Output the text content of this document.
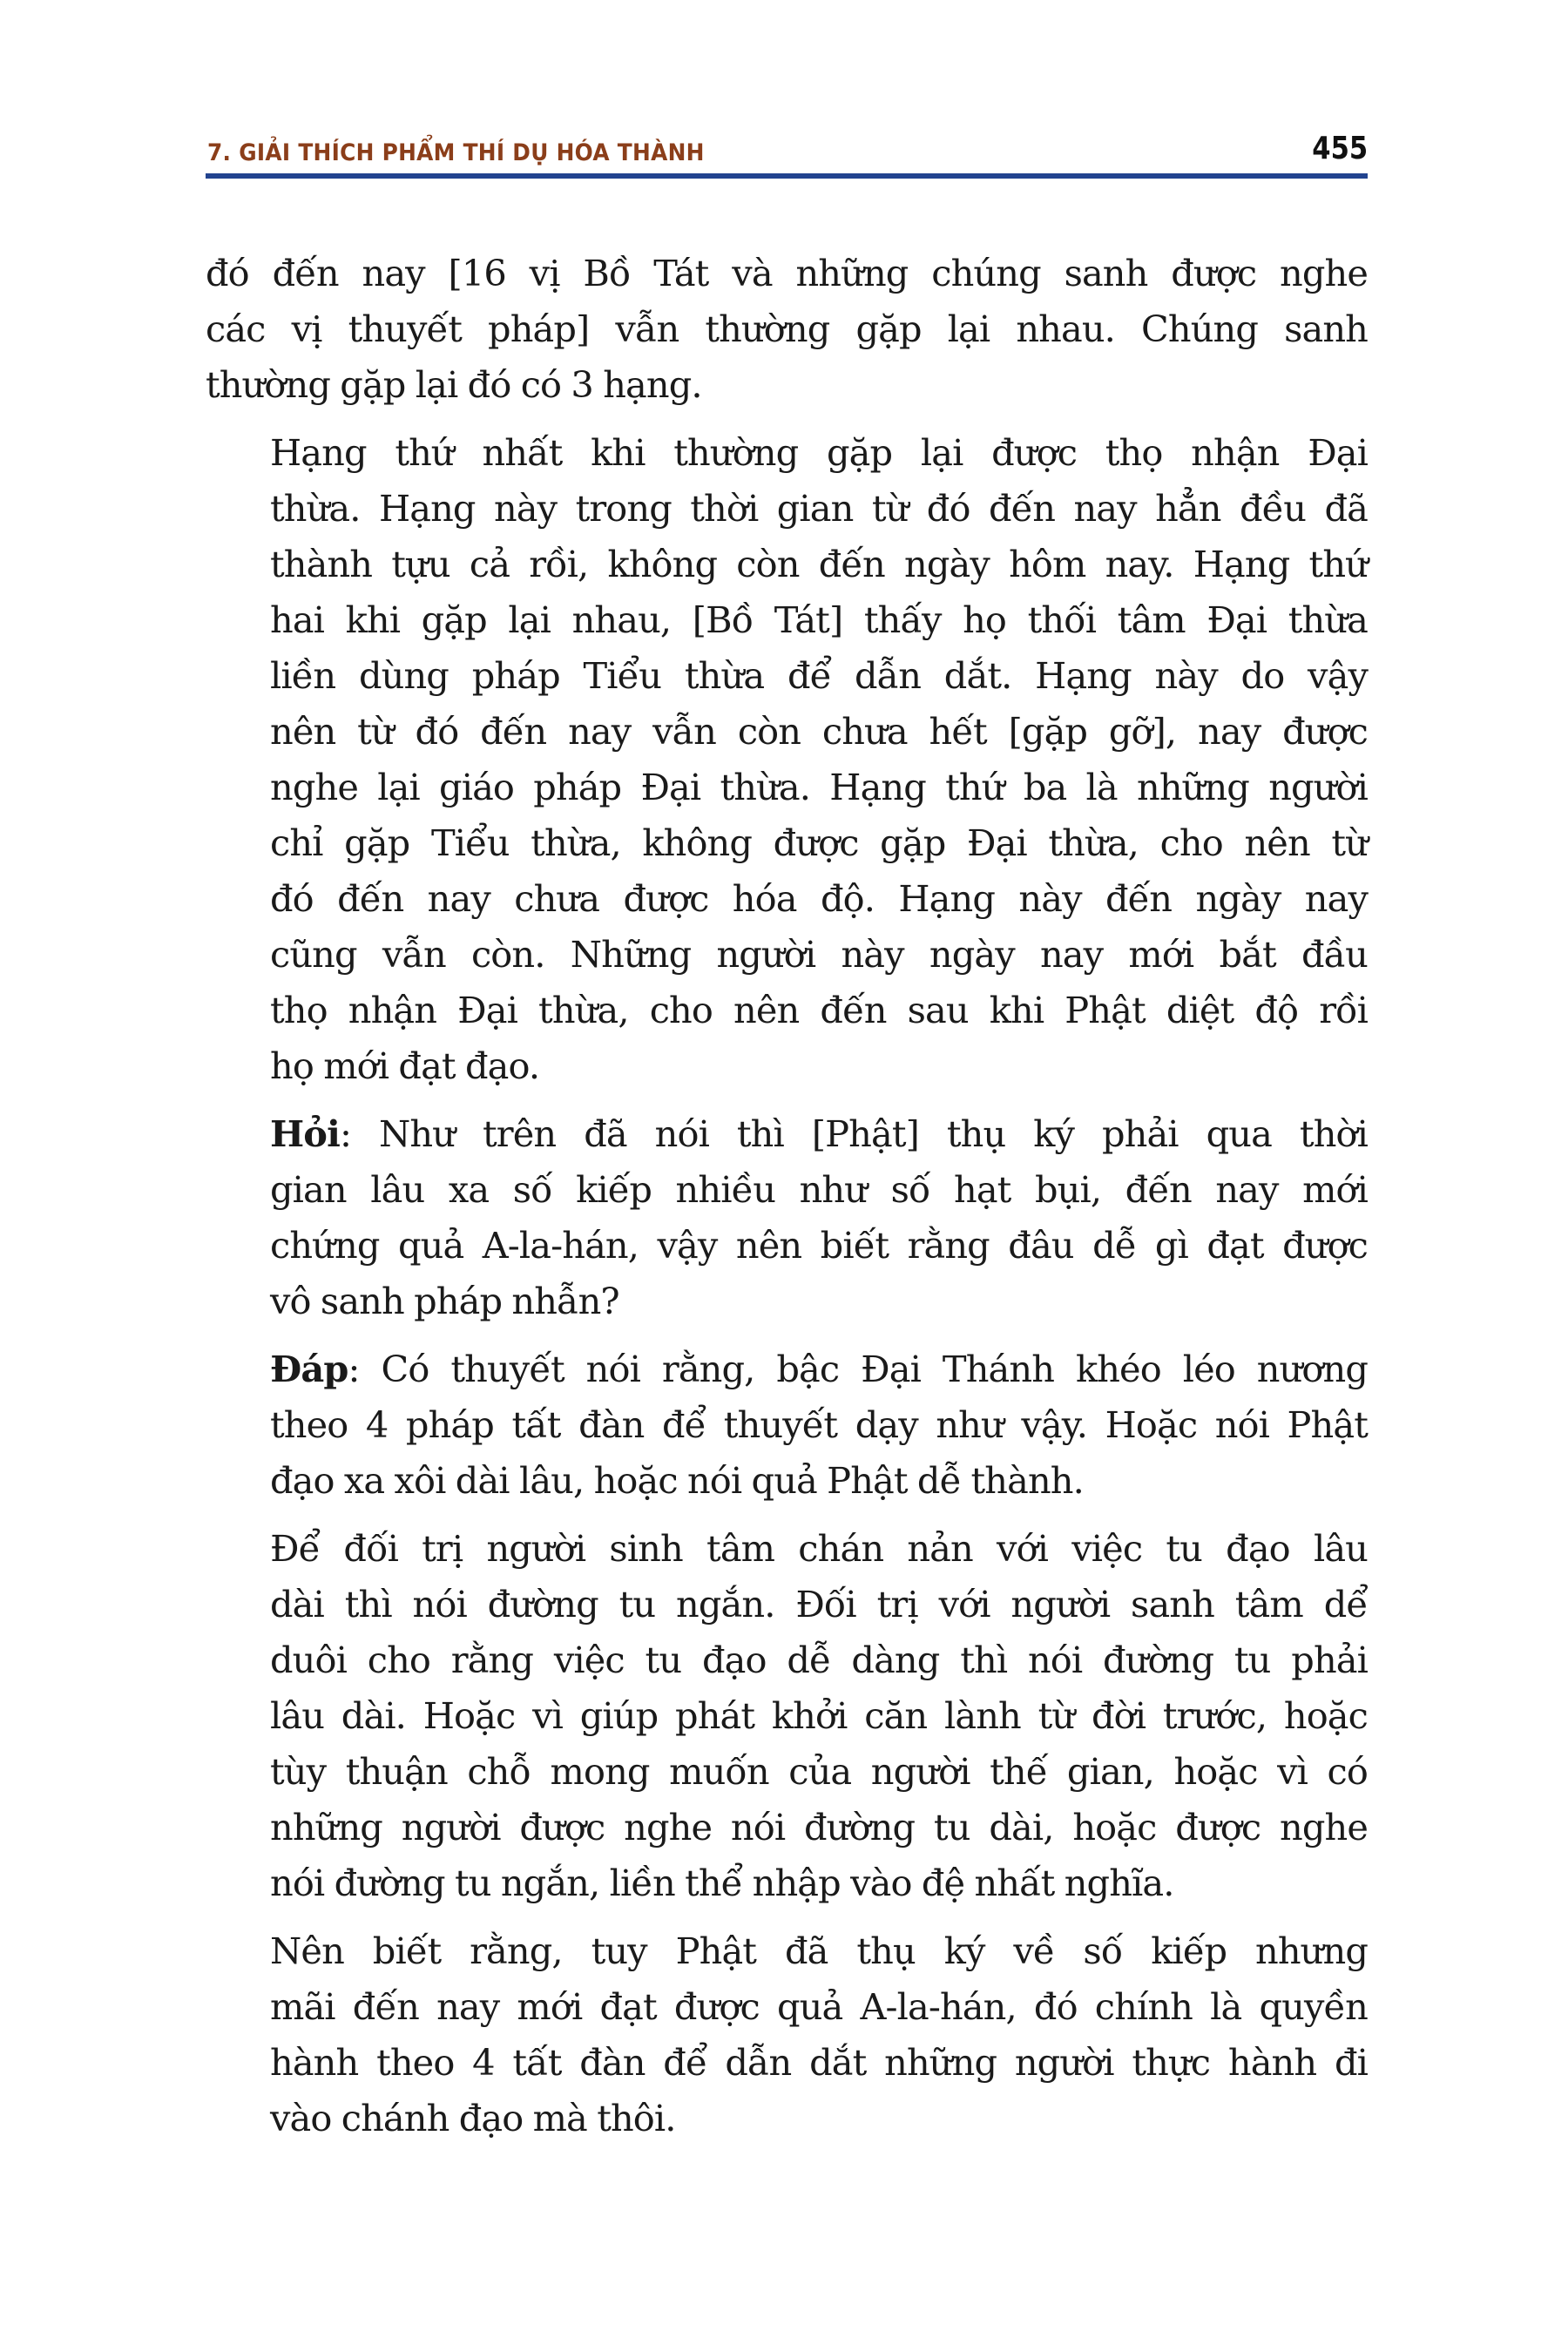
7. GIẢI THÍCH PHẨM THÍ DỤ HÓA THÀNH	455

đó đến nay [16 vị Bồ Tát và những chúng sanh được nghe
các vị thuyết pháp] vẫn thường gặp lại nhau. Chúng sanh
thường gặp lại đó có 3 hạng.

Hạng thứ nhất khi thường gặp lại được thọ nhận Đại
thừa. Hạng này trong thời gian từ đó đến nay hẳn đều đã
thành tựu cả rồi, không còn đến ngày hôm nay. Hạng thứ
hai khi gặp lại nhau, [Bồ Tát] thấy họ thối tâm Đại thừa
liền dùng pháp Tiểu thừa để dẫn dắt. Hạng này do vậy
nên từ đó đến nay vẫn còn chưa hết [gặp gỡ], nay được
nghe lại giáo pháp Đại thừa. Hạng thứ ba là những người
chỉ gặp Tiểu thừa, không được gặp Đại thừa, cho nên từ
đó đến nay chưa được hóa độ. Hạng này đến ngày nay
cũng vẫn còn. Những người này ngày nay mới bắt đầu
thọ nhận Đại thừa, cho nên đến sau khi Phật diệt độ rồi
họ mới đạt đạo.

Hỏi: Như trên đã nói thì [Phật] thụ ký phải qua thời
gian lâu xa số kiếp nhiều như số hạt bụi, đến nay mới
chứng quả A-la-hán, vậy nên biết rằng đâu dễ gì đạt được
vô sanh pháp nhẫn?

Đáp: Có thuyết nói rằng, bậc Đại Thánh khéo léo nương
theo 4 pháp tất đàn để thuyết dạy như vậy. Hoặc nói Phật
đạo xa xôi dài lâu, hoặc nói quả Phật dễ thành.

Để đối trị người sinh tâm chán nản với việc tu đạo lâu
dài thì nói đường tu ngắn. Đối trị với người sanh tâm dể
duôi cho rằng việc tu đạo dễ dàng thì nói đường tu phải
lâu dài. Hoặc vì giúp phát khởi căn lành từ đời trước, hoặc
tùy thuận chỗ mong muốn của người thế gian, hoặc vì có
những người được nghe nói đường tu dài, hoặc được nghe
nói đường tu ngắn, liền thể nhập vào đệ nhất nghĩa.

Nên biết rằng, tuy Phật đã thụ ký về số kiếp nhưng
mãi đến nay mới đạt được quả A-la-hán, đó chính là quyền
hành theo 4 tất đàn để dẫn dắt những người thực hành đi
vào chánh đạo mà thôi.
